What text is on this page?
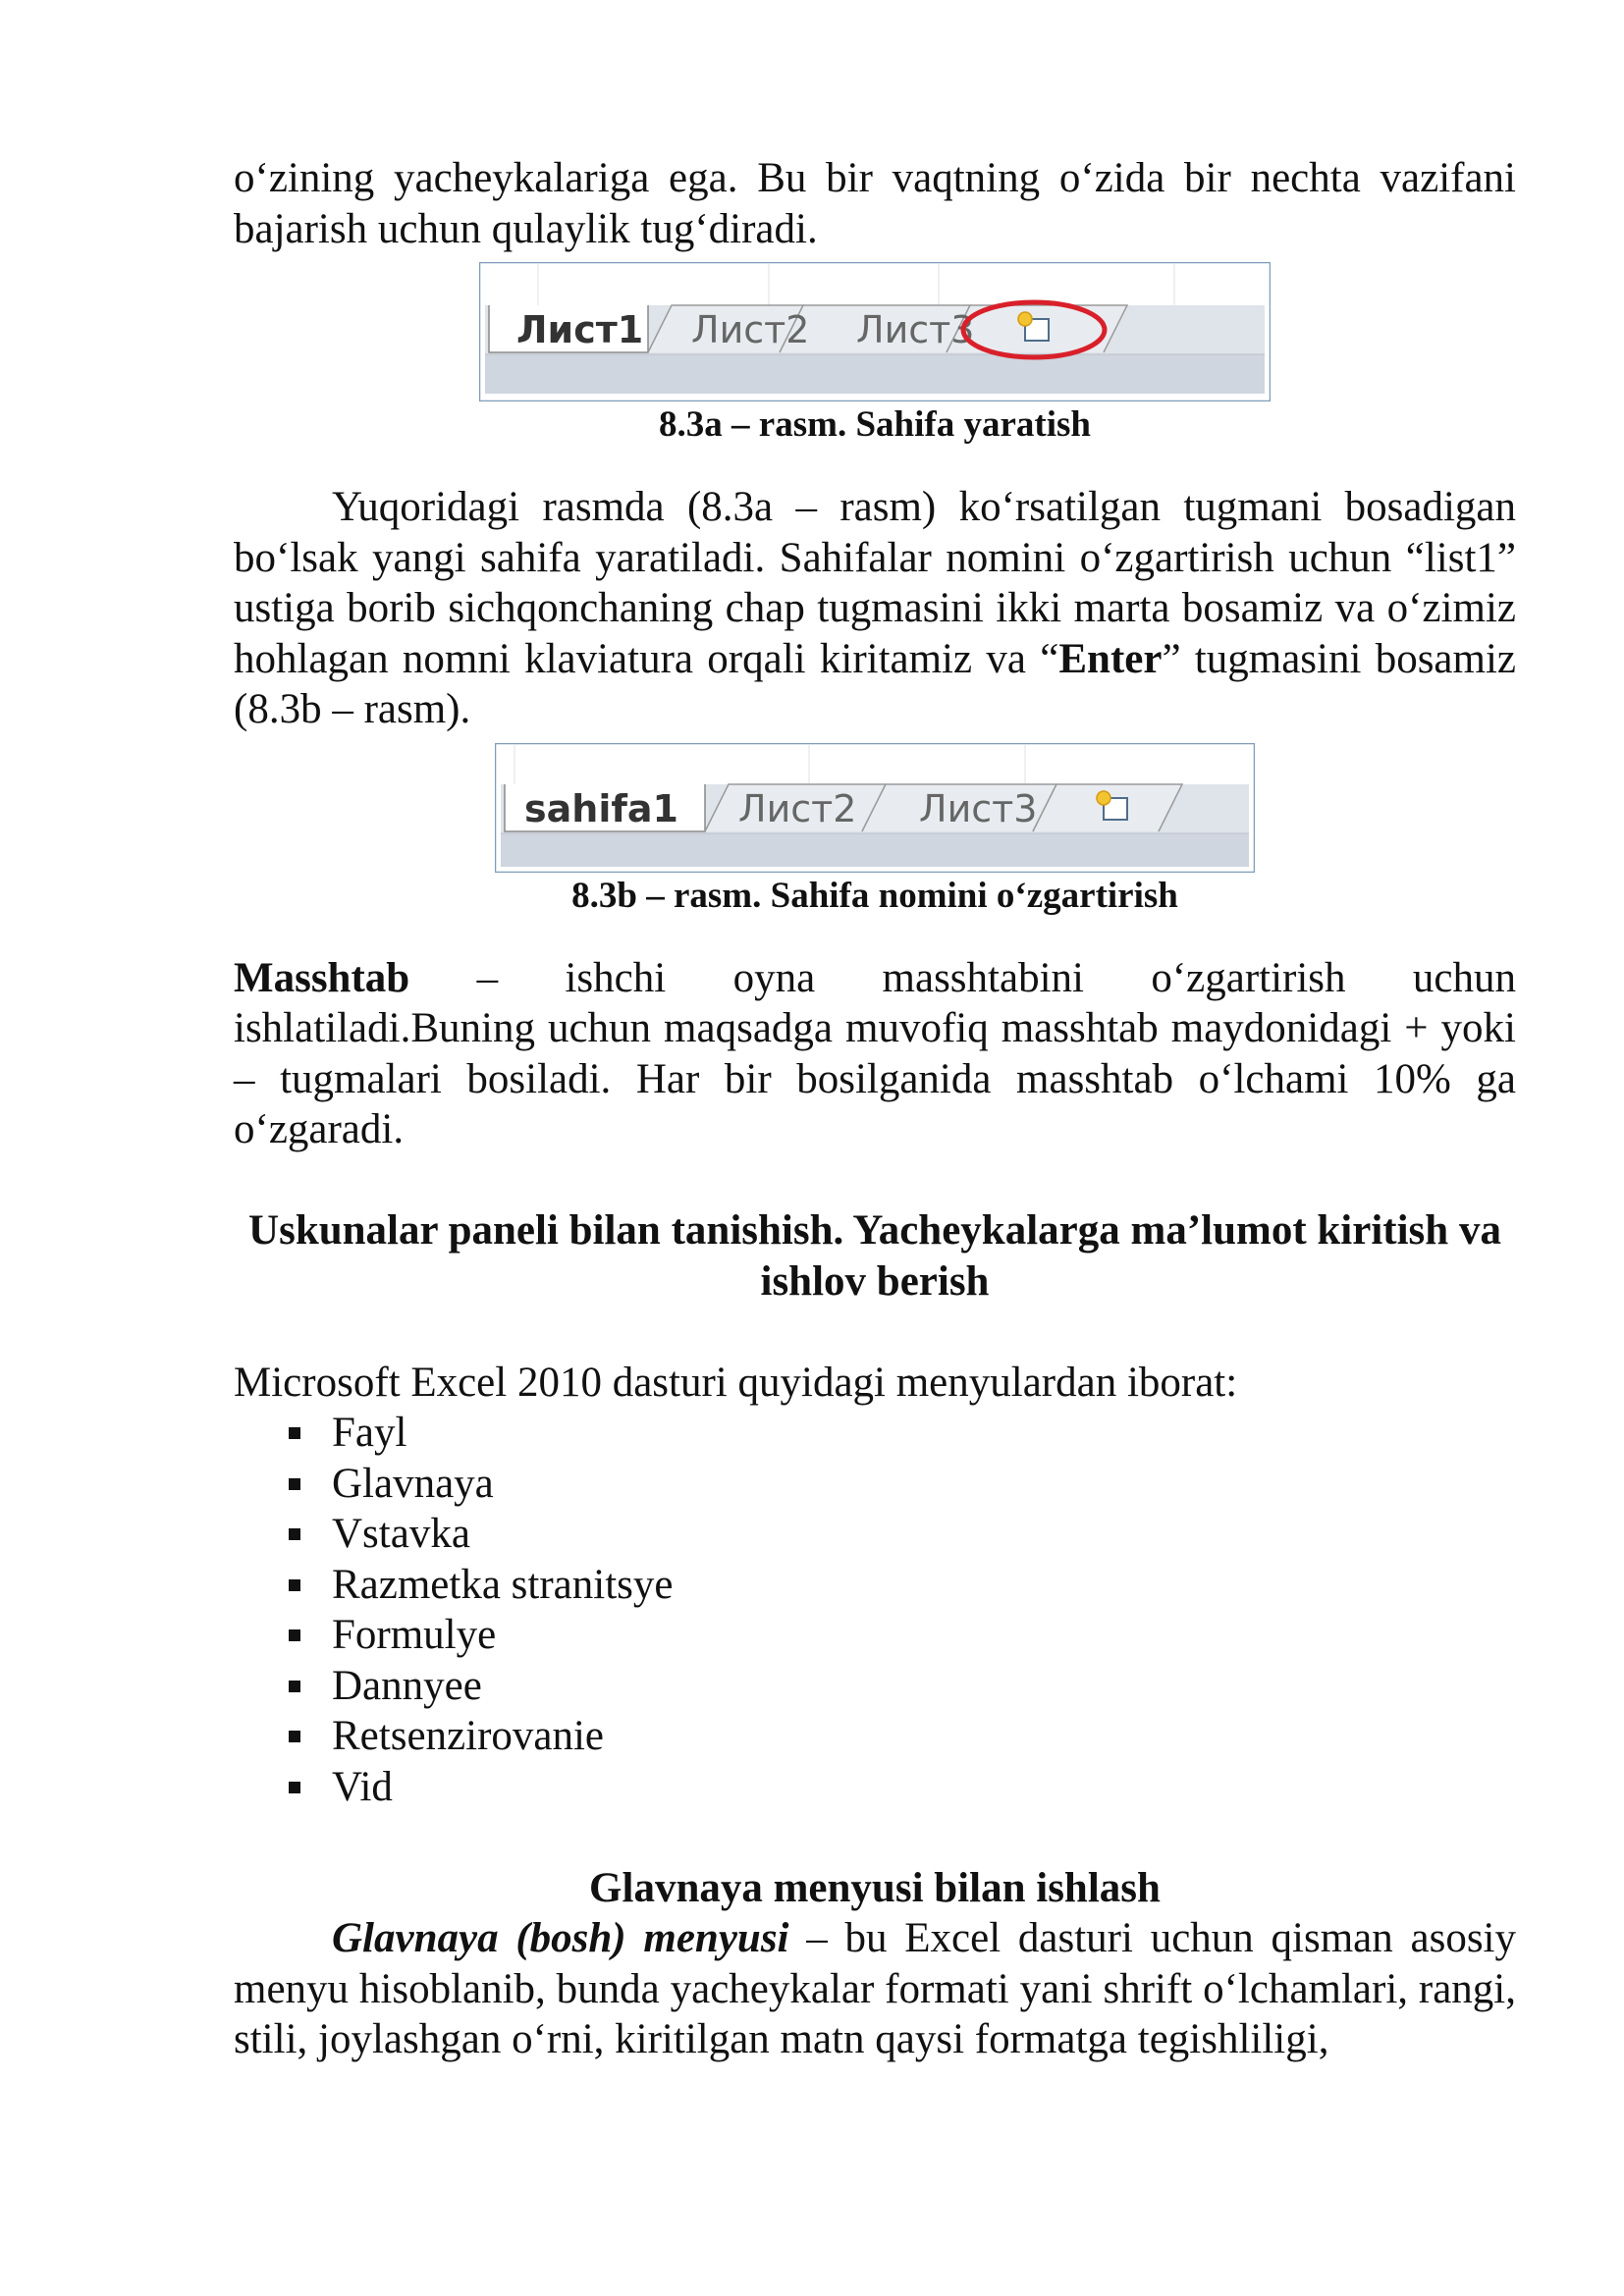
o‘zining yacheykalariga ega. Bu bir vaqtning o‘zida bir nechta vazifani bajarish uchun qulaylik tug‘diradi.

Лист1 Лист2 Лист3
8.3a – rasm. Sahifa yaratish

Yuqoridagi rasmda (8.3a – rasm) ko‘rsatilgan tugmani bosadigan bo‘lsak yangi sahifa yaratiladi. Sahifalar nomini o‘zgartirish uchun “list1” ustiga borib sichqonchaning chap tugmasini ikki marta bosamiz va o‘zimiz hohlagan nomni klaviatura orqali kiritamiz va “Enter” tugmasini bosamiz (8.3b – rasm).

sahifa1 Лист2 Лист3
8.3b – rasm. Sahifa nomini o‘zgartirish

Masshtab – ishchi oyna masshtabini o‘zgartirish uchun

ishlatiladi.Buning uchun maqsadga muvofiq masshtab maydonidagi + yoki – tugmalari bosiladi. Har bir bosilganida masshtab o‘lchami 10% ga o‘zgaradi.

Uskunalar paneli bilan tanishish. Yacheykalarga ma’lumot kiritish va ishlov berish

Microsoft Excel 2010 dasturi quyidagi menyulardan iborat:

Fayl
Glavnaya
Vstavka
Razmetka stranitsye
Formulye
Dannyee
Retsenzirovanie
Vid
Glavnaya menyusi bilan ishlash

Glavnaya (bosh) menyusi – bu Excel dasturi uchun qisman asosiy menyu hisoblanib, bunda yacheykalar formati yani shrift o‘lchamlari, rangi, stili, joylashgan o‘rni, kiritilgan matn qaysi formatga tegishliligi,
